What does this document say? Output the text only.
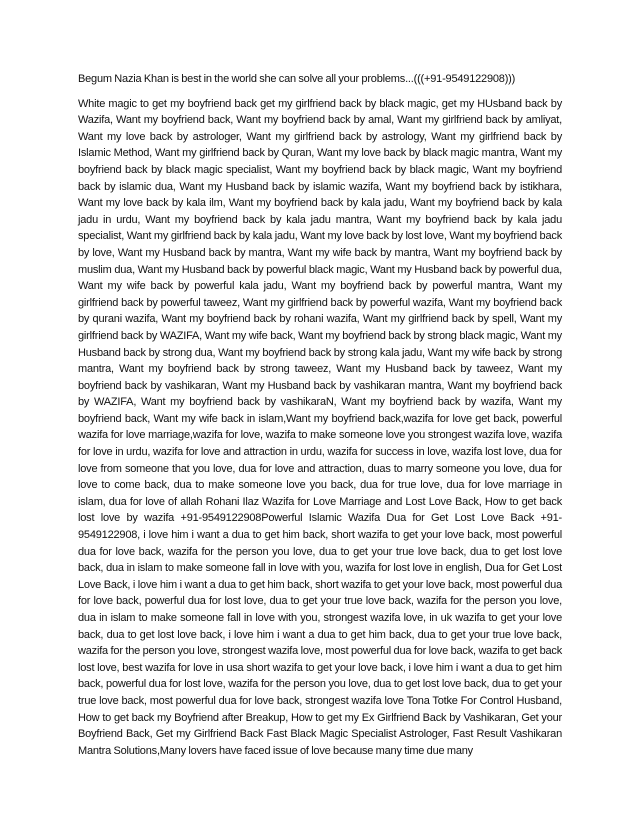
Begum Nazia Khan is best in the world she can solve all your problems...(((+91-9549122908)))

White magic to get my boyfriend back get my girlfriend back by black magic, get my HUsband back by Wazifa, Want my boyfriend back, Want my boyfriend back by amal, Want my girlfriend back by amliyat, Want my love back by astrologer, Want my girlfriend back by astrology, Want my girlfriend back by Islamic Method, Want my girlfriend back by Quran, Want my love back by black magic mantra, Want my boyfriend back by black magic specialist, Want my boyfriend back by black magic, Want my boyfriend back by islamic dua, Want my Husband back by islamic wazifa, Want my boyfriend back by istikhara, Want my love back by kala ilm, Want my boyfriend back by kala jadu, Want my boyfriend back by kala jadu in urdu, Want my boyfriend back by kala jadu mantra, Want my boyfriend back by kala jadu specialist, Want my girlfriend back by kala jadu, Want my love back by lost love, Want my boyfriend back by love, Want my Husband back by mantra, Want my wife back by mantra, Want my boyfriend back by muslim dua, Want my Husband back by powerful black magic, Want my Husband back by powerful dua, Want my wife back by powerful kala jadu, Want my boyfriend back by powerful mantra, Want my girlfriend back by powerful taweez, Want my girlfriend back by powerful wazifa, Want my boyfriend back by qurani wazifa, Want my boyfriend back by rohani wazifa, Want my girlfriend back by spell, Want my girlfriend back by WAZIFA, Want my wife back, Want my boyfriend back by strong black magic, Want my Husband back by strong dua, Want my boyfriend back by strong kala jadu, Want my wife back by strong mantra, Want my boyfriend back by strong taweez, Want my Husband back by taweez, Want my boyfriend back by vashikaran, Want my Husband back by vashikaran mantra, Want my boyfriend back by WAZIFA, Want my boyfriend back by vashikaraN, Want my boyfriend back by wazifa, Want my boyfriend back, Want my wife back in islam,Want my boyfriend back,wazifa for love get back, powerful wazifa for love marriage,wazifa for love, wazifa to make someone love you strongest wazifa love, wazifa for love in urdu, wazifa for love and attraction in urdu, wazifa for success in love, wazifa lost love, dua for love from someone that you love, dua for love and attraction, duas to marry someone you love, dua for love to come back, dua to make someone love you back, dua for true love, dua for love marriage in islam, dua for love of allah Rohani Ilaz Wazifa for Love Marriage and Lost Love Back, How to get back lost love by wazifa +91-9549122908Powerful Islamic Wazifa Dua for Get Lost Love Back +91-9549122908, i love him i want a dua to get him back, short wazifa to get your love back, most powerful dua for love back, wazifa for the person you love, dua to get your true love back, dua to get lost love back, dua in islam to make someone fall in love with you, wazifa for lost love in english, Dua for Get Lost Love Back, i love him i want a dua to get him back, short wazifa to get your love back, most powerful dua for love back, powerful dua for lost love, dua to get your true love back, wazifa for the person you love, dua in islam to make someone fall in love with you, strongest wazifa love, in uk wazifa to get your love back, dua to get lost love back, i love him i want a dua to get him back, dua to get your true love back, wazifa for the person you love, strongest wazifa love, most powerful dua for love back, wazifa to get back lost love, best wazifa for love in usa short wazifa to get your love back, i love him i want a dua to get him back, powerful dua for lost love, wazifa for the person you love, dua to get lost love back, dua to get your true love back, most powerful dua for love back, strongest wazifa love Tona Totke For Control Husband, How to get back my Boyfriend after Breakup, How to get my Ex Girlfriend Back by Vashikaran, Get your Boyfriend Back, Get my Girlfriend Back Fast Black Magic Specialist Astrologer, Fast Result Vashikaran Mantra Solutions,Many lovers have faced issue of love because many time due many
